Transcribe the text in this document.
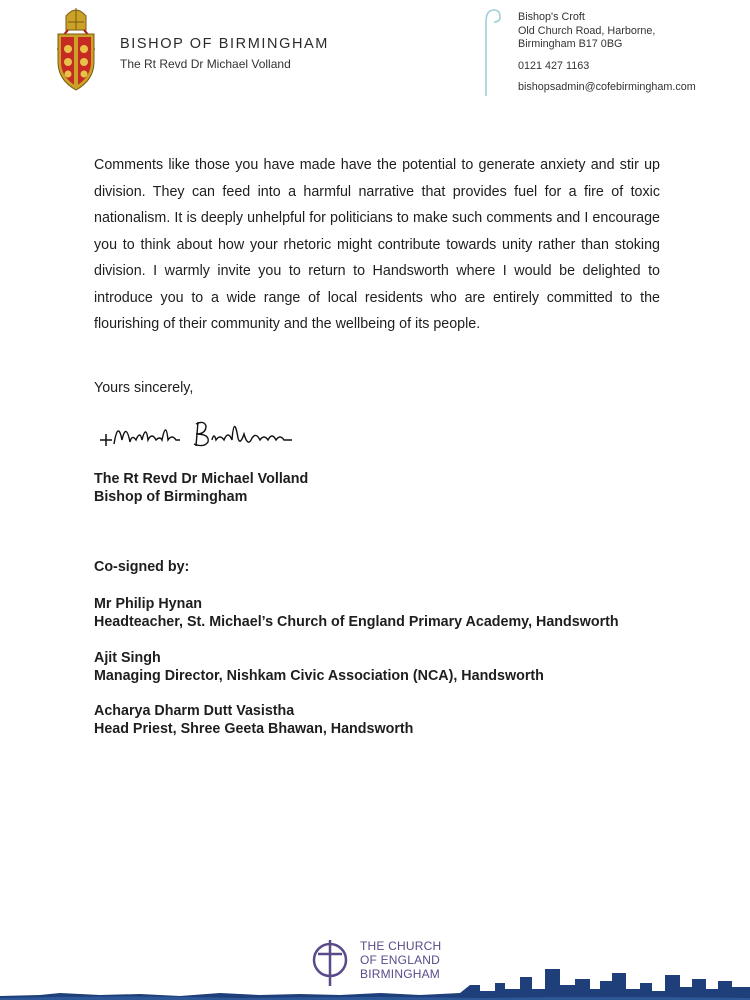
BISHOP OF BIRMINGHAM
The Rt Revd Dr Michael Volland
Bishop's Croft
Old Church Road, Harborne,
Birmingham B17 0BG
0121 427 1163
bishopsadmin@cofebirmingham.com

Comments like those you have made have the potential to generate anxiety and stir up division. They can feed into a harmful narrative that provides fuel for a fire of toxic nationalism. It is deeply unhelpful for politicians to make such comments and I encourage you to think about how your rhetoric might contribute towards unity rather than stoking division. I warmly invite you to return to Handsworth where I would be delighted to introduce you to a wide range of local residents who are entirely committed to the flourishing of their community and the wellbeing of its people.

Yours sincerely,
The Rt Revd Dr Michael Volland
Bishop of Birmingham
Co-signed by:
Mr Philip Hynan
Headteacher, St. Michael’s Church of England Primary Academy, Handsworth
Ajit Singh
Managing Director, Nishkam Civic Association (NCA), Handsworth
Acharya Dharm Dutt Vasistha
Head Priest, Shree Geeta Bhawan, Handsworth
THE CHURCH
OF ENGLAND
BIRMINGHAM
